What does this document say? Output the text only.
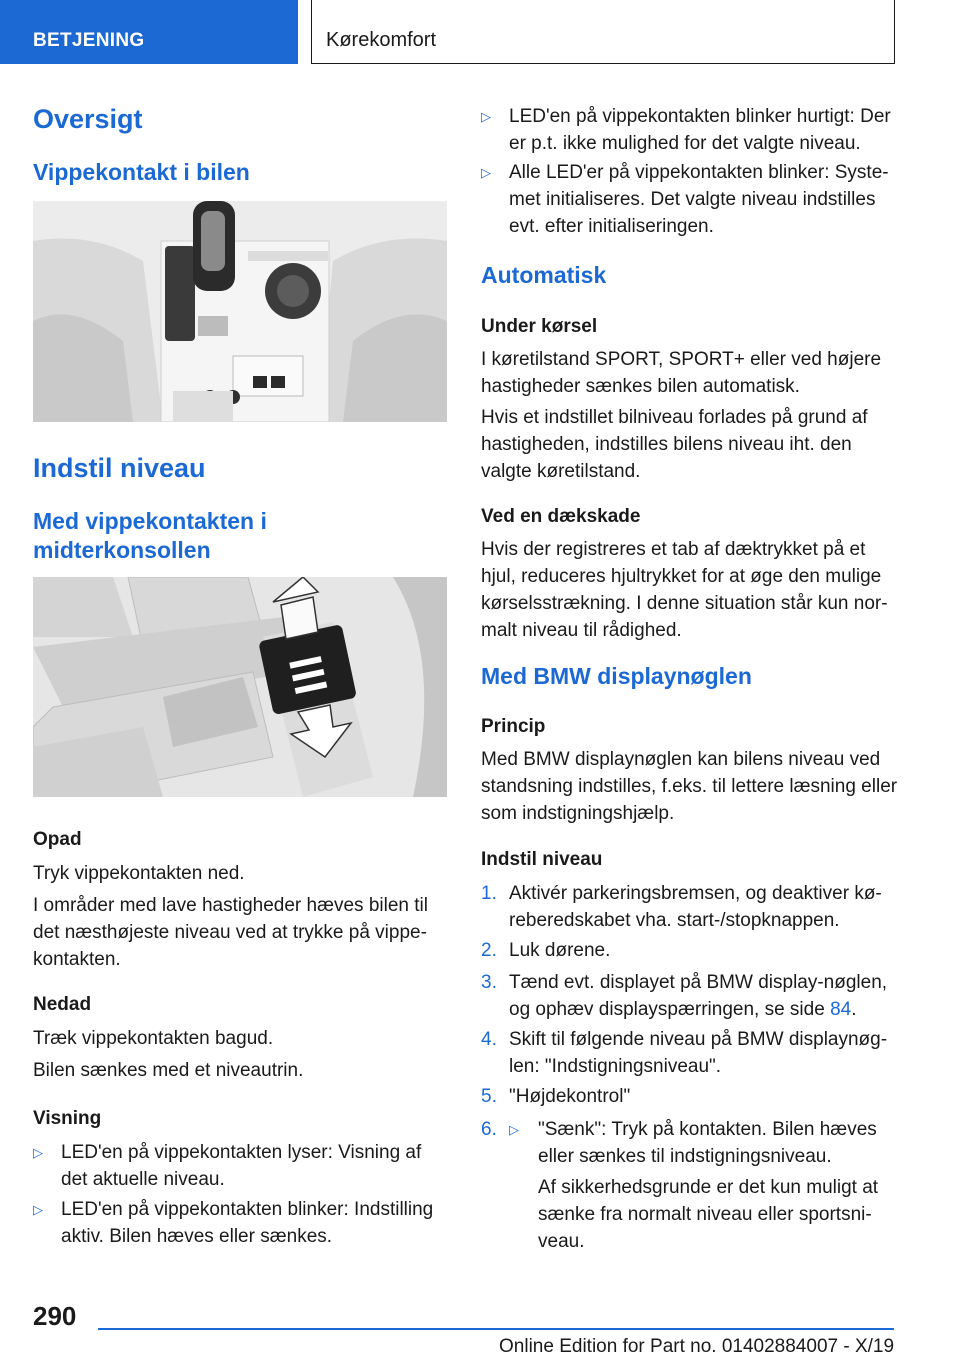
BETJENING	Kørekomfort
Oversigt
Vippekontakt i bilen
Indstil niveau
Med vippekontakten i
midterkonsollen
Opad

Tryk vippekontakten ned.

I områder med lave hastigheder hæves bilen til

det næsthøjeste niveau ved at trykke på vippe-

kontakten.

Nedad

Træk vippekontakten bagud.

Bilen sænkes med et niveautrin.

Visning
▷ LED'en på vippekontakten lyser: Visning af
det aktuelle niveau.
▷ LED'en på vippekontakten blinker: Indstilling
aktiv. Bilen hæves eller sænkes.
▷ LED'en på vippekontakten blinker hurtigt: Der
er p.t. ikke mulighed for det valgte niveau.
▷ Alle LED'er på vippekontakten blinker: Syste-
met initialiseres. Det valgte niveau indstilles
evt. efter initialiseringen.
Automatisk
Under kørsel

I køretilstand SPORT, SPORT+ eller ved højere

hastigheder sænkes bilen automatisk.

Hvis et indstillet bilniveau forlades på grund af

hastigheden, indstilles bilens niveau iht. den

valgte køretilstand.

Ved en dækskade

Hvis der registreres et tab af dæktrykket på et

hjul, reduceres hjultrykket for at øge den mulige

kørselsstrækning. I denne situation står kun nor-

malt niveau til rådighed.

Med BMW displaynøglen
Princip

Med BMW displaynøglen kan bilens niveau ved

standsning indstilles, f.eks. til lettere læsning eller

som indstigningshjælp.

Indstil niveau
1. Aktivér parkeringsbremsen, og deaktiver kø-
reberedskabet vha. start-/stopknappen.
2. Luk dørene.
3. Tænd evt. displayet på BMW display-nøglen,
og ophæv displayspærringen, se side 84.
4. Skift til følgende niveau på BMW displaynøg-
len: "Indstigningsniveau".
5. "Højdekontrol"
6. ▷	"Sænk": Tryk på kontakten. Bilen hæves
eller sænkes til indstigningsniveau.

Af sikkerhedsgrunde er det kun muligt at

sænke fra normalt niveau eller sportsni-

veau.

290
Online Edition for Part no. 01402884007 - X/19
